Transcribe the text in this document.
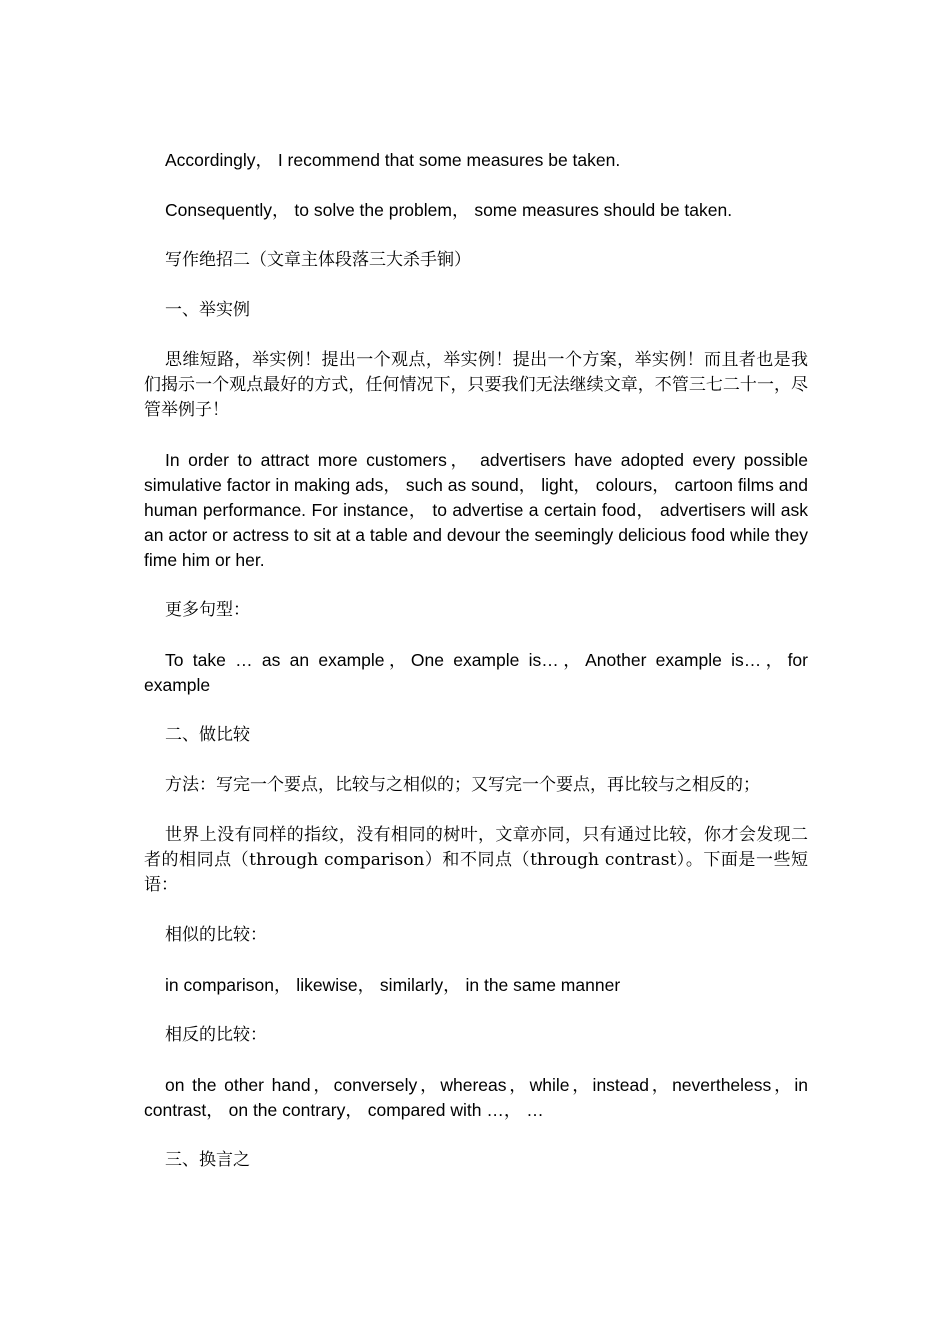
Accordingly， I recommend that some measures be taken.

Consequently， to solve the problem， some measures should be taken.

写作绝招二（文章主体段落三大杀手锏）

一、举实例

思维短路，举实例！提出一个观点，举实例！提出一个方案，举实例！而且者也是我们揭示一个观点最好的方式，任何情况下，只要我们无法继续文章，不管三七二十一，尽管举例子！

In order to attract more customers， advertisers have adopted every possible simulative factor in making ads， such as sound， light， colours， cartoon films and human performance. For instance， to advertise a certain food， advertisers will ask an actor or actress to sit at a table and devour the seemingly delicious food while they fime him or her.

更多句型：

To take … as an example，One example is…，Another example is…，for example

二、做比较

方法：写完一个要点，比较与之相似的；又写完一个要点，再比较与之相反的；

世界上没有同样的指纹，没有相同的树叶，文章亦同，只有通过比较，你才会发现二者的相同点（through comparison）和不同点（through contrast）。下面是一些短语：

相似的比较：

in comparison， likewise， similarly， in the same manner

相反的比较：

on the other hand，conversely，whereas，while，instead，nevertheless，in contrast， on the contrary， compared with …， …

三、换言之
